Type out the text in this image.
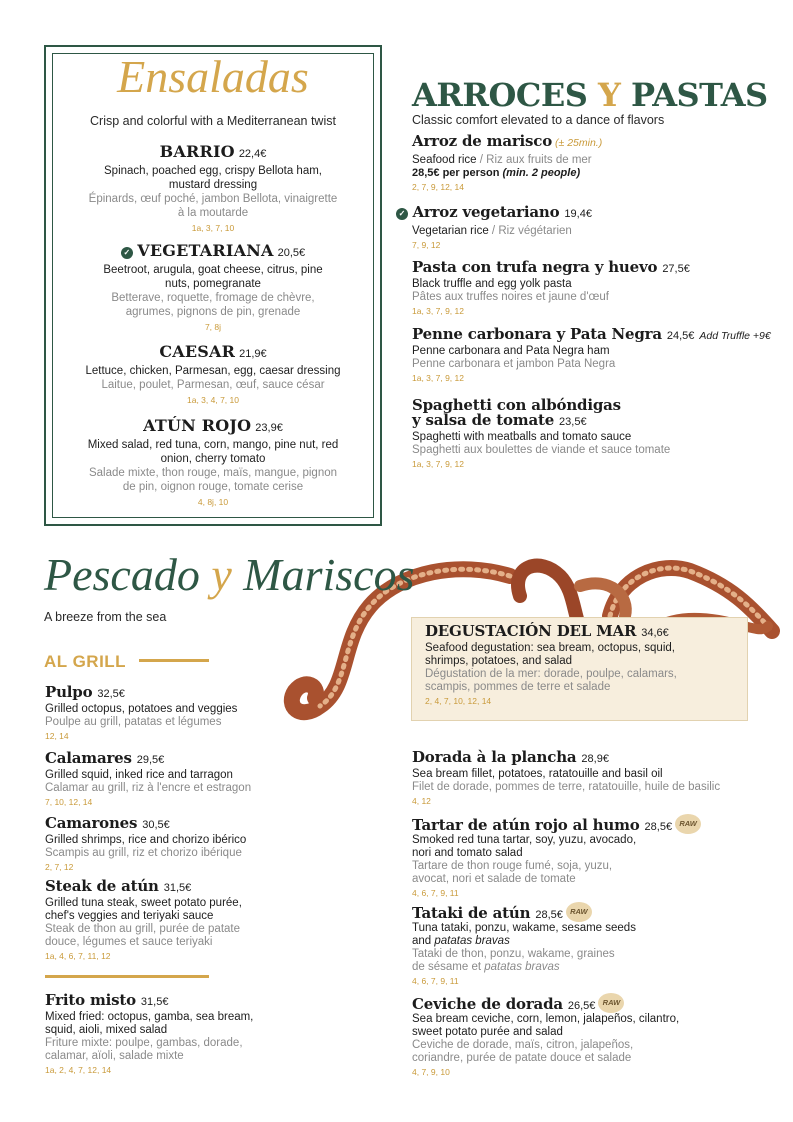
Ensaladas
Crisp and colorful with a Mediterranean twist
BARRIO 22,4€
Spinach, poached egg, crispy Bellota ham, mustard dressing
Épinards, œuf poché, jambon Bellota, vinaigrette à la moutarde
1a, 3, 7, 10
✓ VEGETARIANA 20,5€
Beetroot, arugula, goat cheese, citrus, pine nuts, pomegranate
Betterave, roquette, fromage de chèvre, agrumes, pignons de pin, grenade
7, 8j
CAESAR 21,9€
Lettuce, chicken, Parmesan, egg, caesar dressing
Laitue, poulet, Parmesan, œuf, sauce césar
1a, 3, 4, 7, 10
ATÚN ROJO 23,9€
Mixed salad, red tuna, corn, mango, pine nut, red onion, cherry tomato
Salade mixte, thon rouge, maïs, mangue, pignon de pin, oignon rouge, tomate cerise
4, 8j, 10
ARROCES Y PASTAS
Classic comfort elevated to a dance of flavors
Arroz de marisco (± 25min.)
Seafood rice / Riz aux fruits de mer
28,5€ per person (min. 2 people)
2, 7, 9, 12, 14
✓ Arroz vegetariano 19,4€
Vegetarian rice / Riz végétarien
7, 9, 12
Pasta con trufa negra y huevo 27,5€
Black truffle and egg yolk pasta
Pâtes aux truffes noires et jaune d'œuf
1a, 3, 7, 9, 12
Penne carbonara y Pata Negra 24,5€ Add Truffle +9€
Penne carbonara and Pata Negra ham
Penne carbonara et jambon Pata Negra
1a, 3, 7, 9, 12
Spaghetti con albóndigas
y salsa de tomate 23,5€
Spaghetti with meatballs and tomato sauce
Spaghetti aux boulettes de viande et sauce tomate
1a, 3, 7, 9, 12
Pescado y Mariscos
A breeze from the sea
AL GRILL
Pulpo 32,5€
Grilled octopus, potatoes and veggies
Poulpe au grill, patatas et légumes
12, 14
Calamares 29,5€
Grilled squid, inked rice and tarragon
Calamar au grill, riz à l'encre et estragon
7, 10, 12, 14
Camarones 30,5€
Grilled shrimps, rice and chorizo ibérico
Scampis au grill, riz et chorizo ibérique
2, 7, 12
Steak de atún 31,5€
Grilled tuna steak, sweet potato purée,
chef's veggies and teriyaki sauce
Steak de thon au grill, purée de patate
douce, légumes et sauce teriyaki
1a, 4, 6, 7, 11, 12
Frito misto 31,5€
Mixed fried: octopus, gamba, sea bream,
squid, aioli, mixed salad
Friture mixte: poulpe, gambas, dorade,
calamar, aïoli, salade mixte
1a, 2, 4, 7, 12, 14
DEGUSTACIÓN DEL MAR 34,6€
Seafood degustation: sea bream, octopus, squid,
shrimps, potatoes, and salad
Dégustation de la mer: dorade, poulpe, calamars,
scampis, pommes de terre et salade
2, 4, 7, 10, 12, 14
Dorada à la plancha 28,9€
Sea bream fillet, potatoes, ratatouille and basil oil
Filet de dorade, pommes de terre, ratatouille, huile de basilic
4, 12
Tartar de atún rojo al humo 28,5€ RAW
Smoked red tuna tartar, soy, yuzu, avocado,
nori and tomato salad
Tartare de thon rouge fumé, soja, yuzu,
avocat, nori et salade de tomate
4, 6, 7, 9, 11
Tataki de atún 28,5€ RAW
Tuna tataki, ponzu, wakame, sesame seeds
and patatas bravas
Tataki de thon, ponzu, wakame, graines
de sésame et patatas bravas
4, 6, 7, 9, 11
Ceviche de dorada 26,5€ RAW
Sea bream ceviche, corn, lemon, jalapeños, cilantro,
sweet potato purée and salad
Ceviche de dorade, maïs, citron, jalapeños,
coriandre, purée de patate douce et salade
4, 7, 9, 10
